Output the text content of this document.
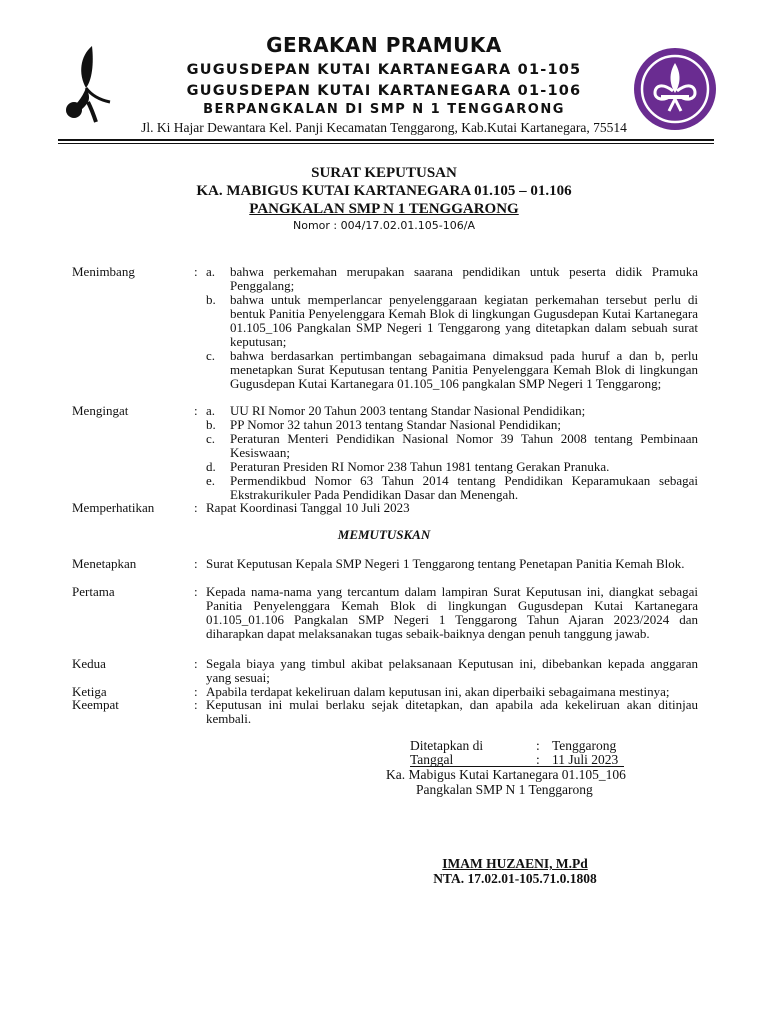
GERAKAN PRAMUKA
GUGUSDEPAN KUTAI KARTANEGARA 01-105
GUGUSDEPAN KUTAI KARTANEGARA 01-106
BERPANGKALAN DI SMP N 1 TENGGARONG
Jl. Ki Hajar Dewantara Kel. Panji Kecamatan Tenggarong, Kab.Kutai Kartanegara, 75514
SURAT KEPUTUSAN
KA. MABIGUS KUTAI KARTANEGARA 01.105 – 01.106
PANGKALAN SMP N 1 TENGGARONG
Nomor : 004/17.02.01.105-106/A
Menimbang	: a. bahwa perkemahan merupakan saarana pendidikan untuk peserta didik Pramuka Penggalang;
b. bahwa untuk memperlancar penyelenggaraan kegiatan perkemahan tersebut perlu di bentuk Panitia Penyelenggara Kemah Blok di lingkungan Gugusdepan Kutai Kartanegara 01.105_106 Pangkalan SMP Negeri 1 Tenggarong yang ditetapkan dalam sebuah surat keputusan;
c. bahwa berdasarkan pertimbangan sebagaimana dimaksud pada huruf a dan b, perlu menetapkan Surat Keputusan tentang Panitia Penyelenggara Kemah Blok di lingkungan Gugusdepan Kutai Kartanegara 01.105_106 pangkalan SMP Negeri 1 Tenggarong;
Mengingat	: a. UU RI Nomor 20 Tahun 2003 tentang Standar Nasional Pendidikan;
b. PP Nomor 32 tahun 2013 tentang Standar Nasional Pendidikan;
c. Peraturan Menteri Pendidikan Nasional Nomor 39 Tahun 2008 tentang Pembinaan Kesiswaan;
d. Peraturan Presiden RI Nomor 238 Tahun 1981 tentang Gerakan Pranuka.
e. Permendikbud Nomor 63 Tahun 2014 tentang Pendidikan Keparamukaan sebagai Ekstrakurikuler Pada Pendidikan Dasar dan Menengah.
Memperhatikan	: Rapat Koordinasi Tanggal 10 Juli 2023
MEMUTUSKAN
Menetapkan	: Surat Keputusan Kepala SMP Negeri 1 Tenggarong tentang Penetapan Panitia Kemah Blok.
Pertama	: Kepada nama-nama yang tercantum dalam lampiran Surat Keputusan ini, diangkat sebagai Panitia Penyelenggara Kemah Blok di lingkungan Gugusdepan Kutai Kartanegara 01.105_01.106 Pangkalan SMP Negeri 1 Tenggarong Tahun Ajaran 2023/2024 dan diharapkan dapat melaksanakan tugas sebaik-baiknya dengan penuh tanggung jawab.
Kedua	: Segala biaya yang timbul akibat pelaksanaan Keputusan ini, dibebankan kepada anggaran yang sesuai;
Ketiga	: Apabila terdapat kekeliruan dalam keputusan ini, akan diperbaiki sebagaimana mestinya;
Keempat	: Keputusan ini mulai berlaku sejak ditetapkan, dan apabila ada kekeliruan akan ditinjau kembali.
Ditetapkan di	: Tenggarong
Tanggal	: 11 Juli 2023
Ka. Mabigus Kutai Kartanegara 01.105_106
Pangkalan SMP N 1 Tenggarong
IMAM HUZAENI, M.Pd
NTA. 17.02.01-105.71.0.1808
